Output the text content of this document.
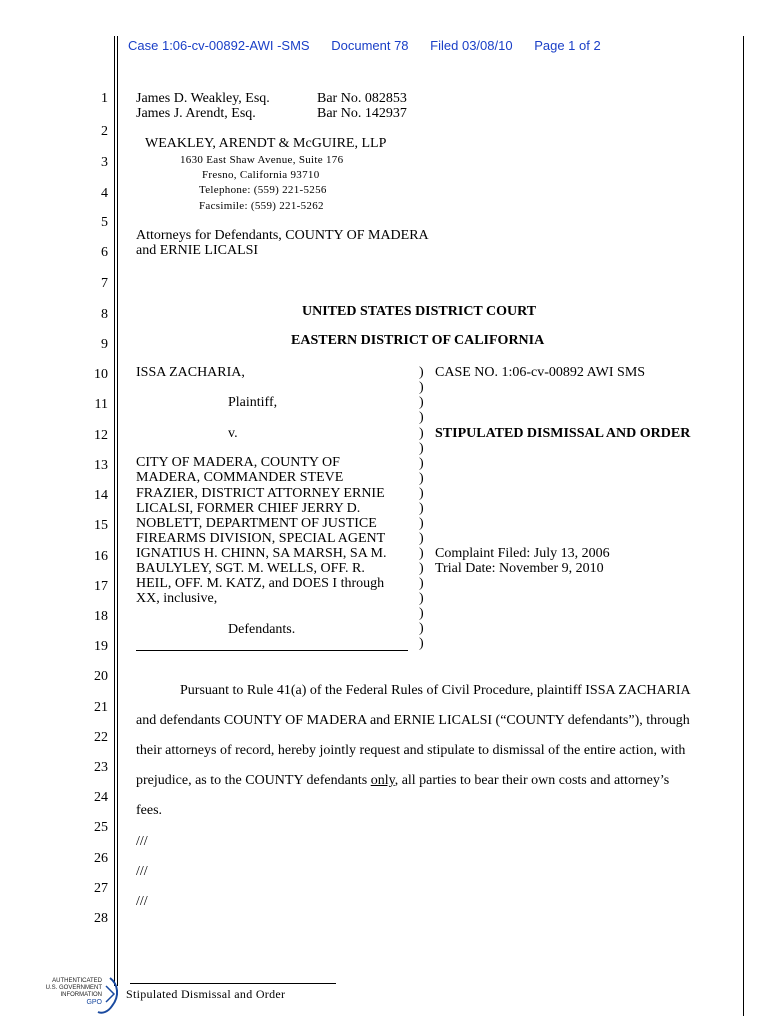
Case 1:06-cv-00892-AWI -SMS Document 78 Filed 03/08/10 Page 1 of 2
1
2
3
4
5
6
7
8
9
10
11
12
13
14
15
16
17
18
19
20
21
22
23
24
25
26
27
28
James D. Weakley, Esq.	Bar No. 082853
James J. Arendt, Esq.	Bar No. 142937
WEAKLEY, ARENDT & McGUIRE, LLP
1630 East Shaw Avenue, Suite 176
Fresno, California 93710
Telephone: (559) 221-5256
Facsimile: (559) 221-5262
Attorneys for Defendants, COUNTY OF MADERA
and ERNIE LICALSI
UNITED STATES DISTRICT COURT
EASTERN DISTRICT OF CALIFORNIA
ISSA ZACHARIA,
Plaintiff,
v.
CITY OF MADERA, COUNTY OF
MADERA, COMMANDER STEVE
FRAZIER, DISTRICT ATTORNEY ERNIE
LICALSI, FORMER CHIEF JERRY D.
NOBLETT, DEPARTMENT OF JUSTICE
FIREARMS DIVISION, SPECIAL AGENT
IGNATIUS H. CHINN, SA MARSH, SA M.
BAULYLEY, SGT. M. WELLS, OFF. R.
HEIL, OFF. M. KATZ, and DOES I through
XX, inclusive,
Defendants.
)
)
)
)
)
)
)
)
)
)
)
)
)
)
)
)
)
)
)
CASE NO. 1:06-cv-00892 AWI SMS
STIPULATED DISMISSAL AND ORDER
Complaint Filed: July 13, 2006
Trial Date: November 9, 2010
Pursuant to Rule 41(a) of the Federal Rules of Civil Procedure, plaintiff ISSA ZACHARIA
and defendants COUNTY OF MADERA and ERNIE LICALSI (“COUNTY defendants”), through
their attorneys of record, hereby jointly request and stipulate to dismissal of the entire action, with
prejudice, as to the COUNTY defendants only, all parties to bear their own costs and attorney’s
fees.
///
///
///
Stipulated Dismissal and Order
AUTHENTICATED
U.S. GOVERNMENT
INFORMATION
GPO
